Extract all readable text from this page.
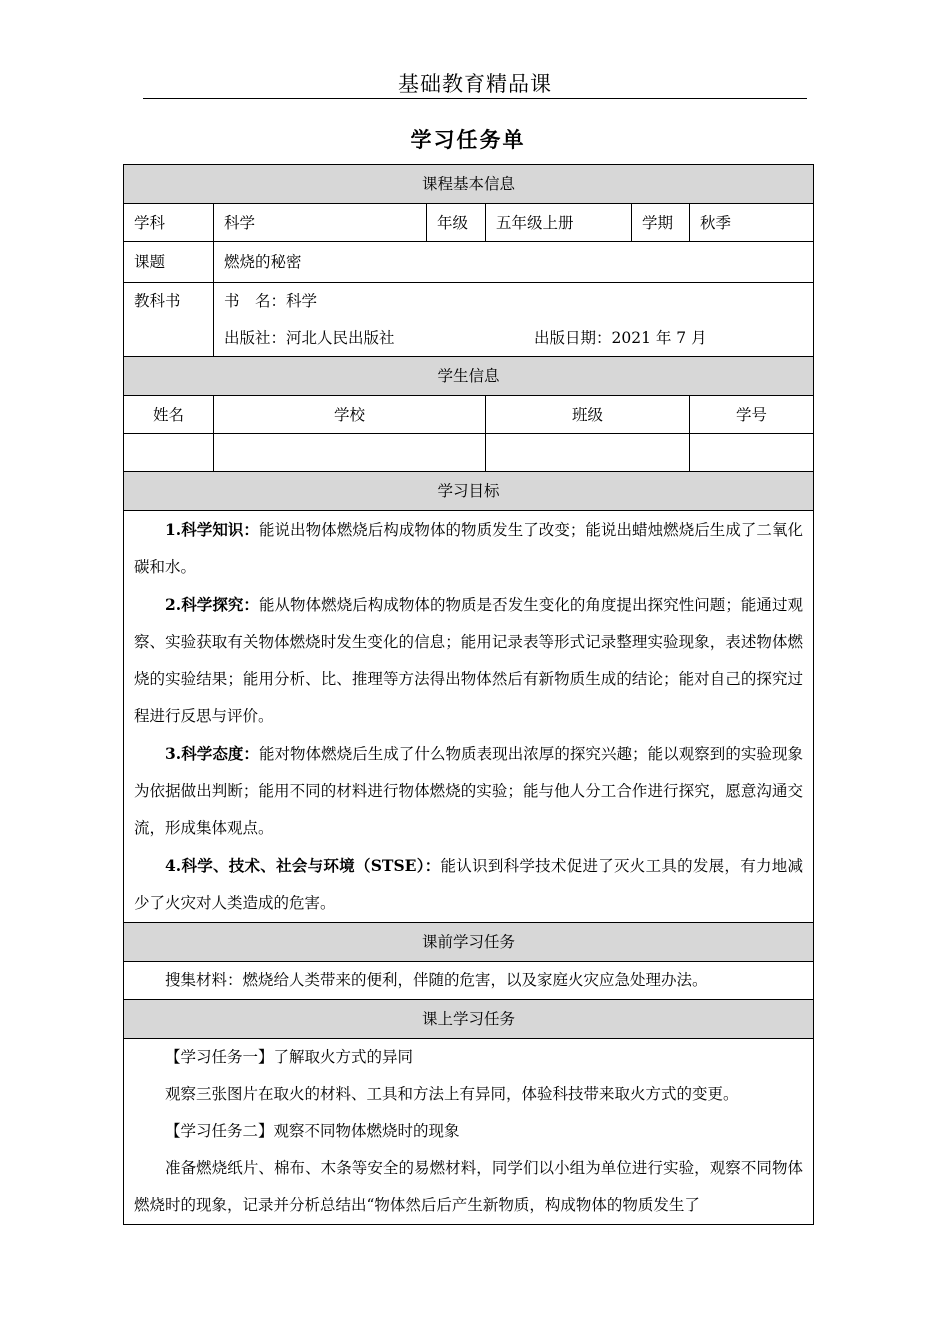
基础教育精品课
学习任务单
课程基本信息					
学科	科学	年级	五年级上册	学期	秋季
课题	燃烧的秘密				
教科书	书　名：科学
出版社：河北人民出版社 出版日期：2021 年 7 月				

学生信息					
姓名	学校		班级		学号

学习目标					

1.科学知识：能说出物体燃烧后构成物体的物质发生了改变；能说出蜡烛燃烧后生成了二氧化碳和水。

2.科学探究：能从物体燃烧后构成物体的物质是否发生变化的角度提出探究性问题；能通过观察、实验获取有关物体燃烧时发生变化的信息；能用记录表等形式记录整理实验现象，表述物体燃烧的实验结果；能用分析、比、推理等方法得出物体然后有新物质生成的结论；能对自己的探究过程进行反思与评价。

3.科学态度：能对物体燃烧后生成了什么物质表现出浓厚的探究兴趣；能以观察到的实验现象为依据做出判断；能用不同的材料进行物体燃烧的实验；能与他人分工合作进行探究，愿意沟通交流，形成集体观点。

4.科学、技术、社会与环境（STSE）：能认识到科学技术促进了灭火工具的发展，有力地减少了火灾对人类造成的危害。					

课前学习任务					

搜集材料：燃烧给人类带来的便利，伴随的危害，以及家庭火灾应急处理办法。					

课上学习任务					

【学习任务一】了解取火方式的异同

观察三张图片在取火的材料、工具和方法上有异同，体验科技带来取火方式的变更。

【学习任务二】观察不同物体燃烧时的现象

准备燃烧纸片、棉布、木条等安全的易燃材料，同学们以小组为单位进行实验，观察不同物体燃烧时的现象，记录并分析总结出“物体然后后产生新物质，构成物体的物质发生了					
